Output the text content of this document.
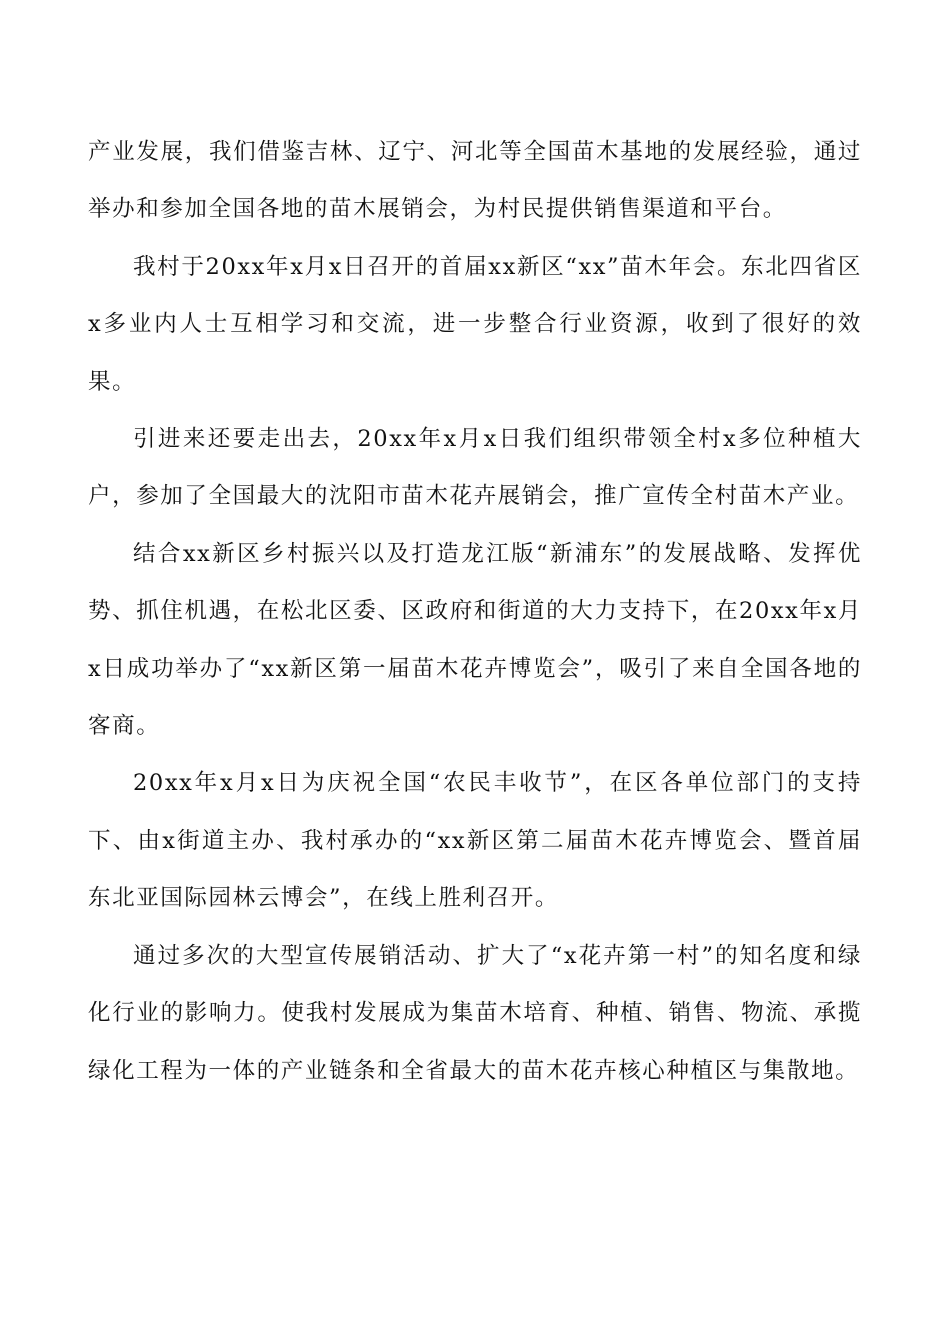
产业发展，我们借鉴吉林、辽宁、河北等全国苗木基地的发展经验，通过举办和参加全国各地的苗木展销会，为村民提供销售渠道和平台。

我村于20xx年x月x日召开的首届xx新区“xx”苗木年会。东北四省区x多业内人士互相学习和交流，进一步整合行业资源，收到了很好的效果。

引进来还要走出去，20xx年x月x日我们组织带领全村x多位种植大户，参加了全国最大的沈阳市苗木花卉展销会，推广宣传全村苗木产业。

结合xx新区乡村振兴以及打造龙江版“新浦东”的发展战略、发挥优势、抓住机遇，在松北区委、区政府和街道的大力支持下，在20xx年x月x日成功举办了“xx新区第一届苗木花卉博览会”，吸引了来自全国各地的客商。

20xx年x月x日为庆祝全国“农民丰收节”，在区各单位部门的支持下、由x街道主办、我村承办的“xx新区第二届苗木花卉博览会、暨首届东北亚国际园林云博会”，在线上胜利召开。

通过多次的大型宣传展销活动、扩大了“x花卉第一村”的知名度和绿化行业的影响力。使我村发展成为集苗木培育、种植、销售、物流、承揽绿化工程为一体的产业链条和全省最大的苗木花卉核心种植区与集散地。
